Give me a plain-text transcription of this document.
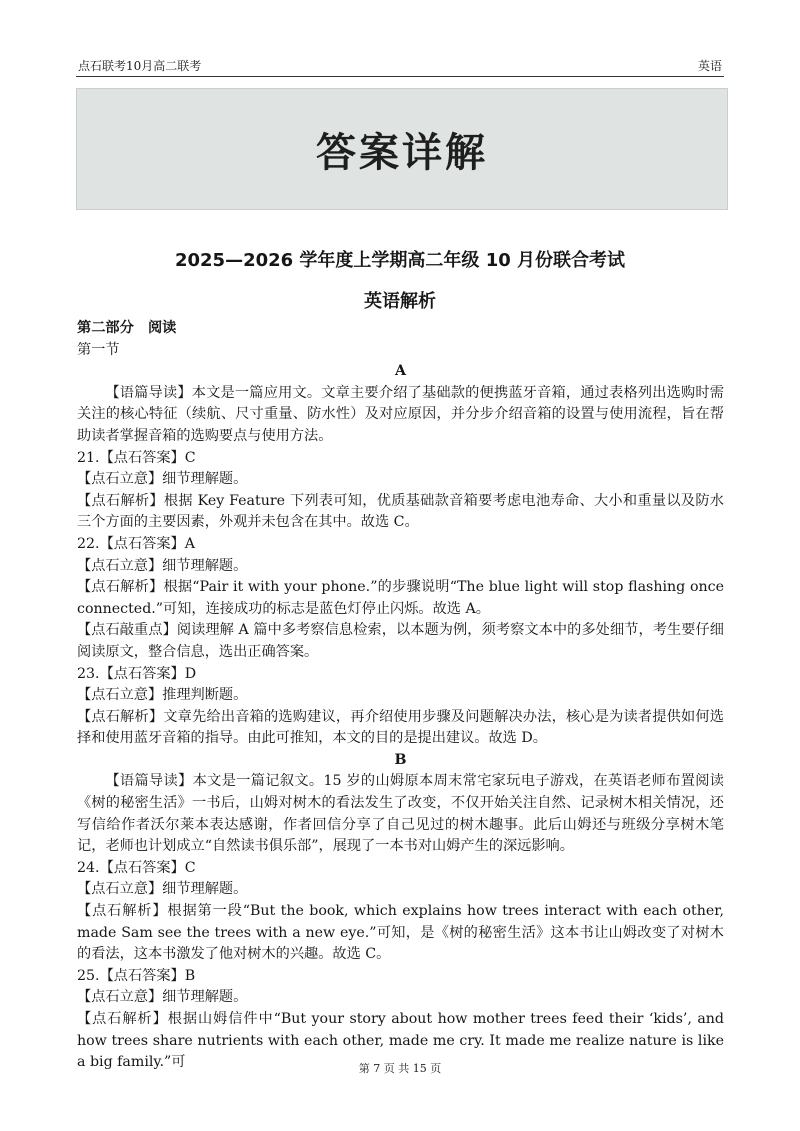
点石联考10月高二联考	英语
答案详解
2025—2026 学年度上学期高二年级 10 月份联合考试
英语解析

第二部分　阅读

第一节

A

【语篇导读】本文是一篇应用文。文章主要介绍了基础款的便携蓝牙音箱，通过表格列出选购时需关注的核心特征（续航、尺寸重量、防水性）及对应原因，并分步介绍音箱的设置与使用流程，旨在帮助读者掌握音箱的选购要点与使用方法。

21.【点石答案】C

【点石立意】细节理解题。

【点石解析】根据 Key Feature 下列表可知，优质基础款音箱要考虑电池寿命、大小和重量以及防水三个方面的主要因素，外观并未包含在其中。故选 C。

22.【点石答案】A

【点石立意】细节理解题。

【点石解析】根据“Pair it with your phone.”的步骤说明“The blue light will stop flashing once connected.”可知，连接成功的标志是蓝色灯停止闪烁。故选 A。

【点石敲重点】阅读理解 A 篇中多考察信息检索，以本题为例，须考察文本中的多处细节，考生要仔细阅读原文，整合信息，选出正确答案。

23.【点石答案】D

【点石立意】推理判断题。

【点石解析】文章先给出音箱的选购建议，再介绍使用步骤及问题解决办法，核心是为读者提供如何选择和使用蓝牙音箱的指导。由此可推知，本文的目的是提出建议。故选 D。

B

【语篇导读】本文是一篇记叙文。15 岁的山姆原本周末常宅家玩电子游戏，在英语老师布置阅读《树的秘密生活》一书后，山姆对树木的看法发生了改变，不仅开始关注自然、记录树木相关情况，还写信给作者沃尔莱本表达感谢，作者回信分享了自己见过的树木趣事。此后山姆还与班级分享树木笔记，老师也计划成立“自然读书俱乐部”，展现了一本书对山姆产生的深远影响。

24.【点石答案】C

【点石立意】细节理解题。

【点石解析】根据第一段“But the book, which explains how trees interact with each other, made Sam see the trees with a new eye.”可知，是《树的秘密生活》这本书让山姆改变了对树木的看法，这本书激发了他对树木的兴趣。故选 C。

25.【点石答案】B

【点石立意】细节理解题。

【点石解析】根据山姆信件中“But your story about how mother trees feed their ‘kids’, and how trees share nutrients with each other, made me cry. It made me realize nature is like a big family.”可	第 7 页 共 15 页
